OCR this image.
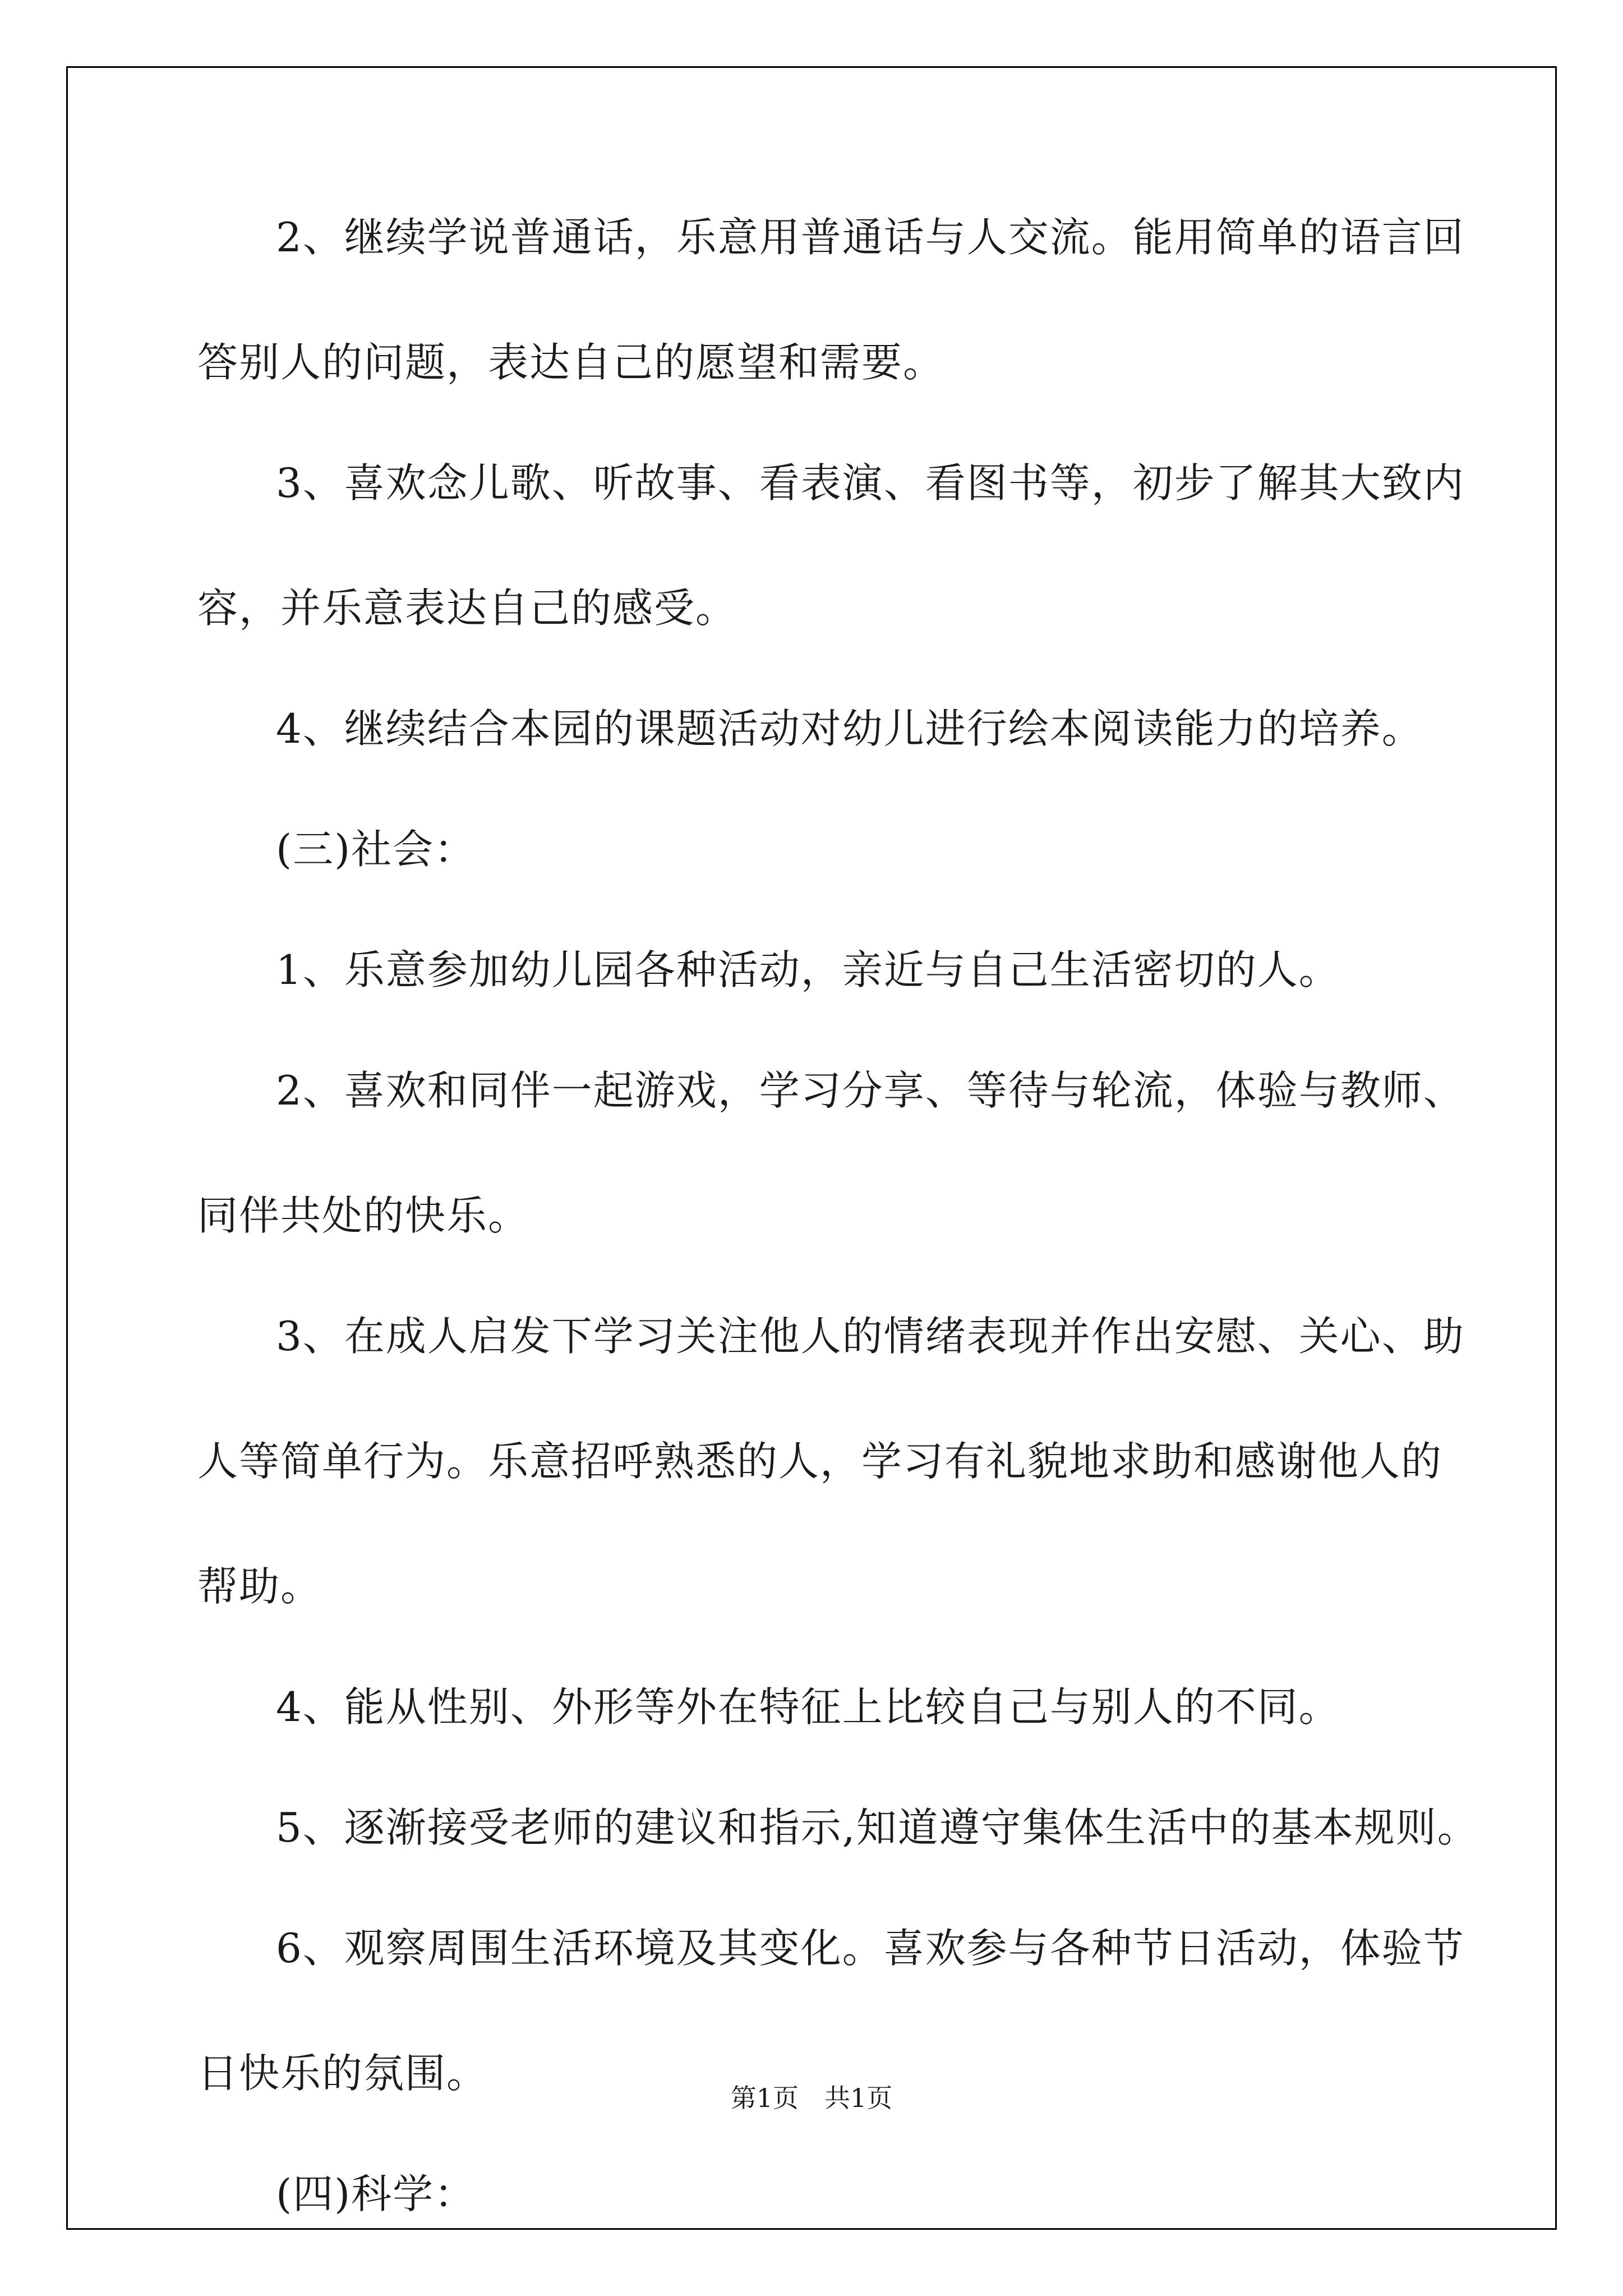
2、继续学说普通话，乐意用普通话与人交流。能用简单的语言回
答别人的问题，表达自己的愿望和需要。
3、喜欢念儿歌、听故事、看表演、看图书等，初步了解其大致内
容，并乐意表达自己的感受。
4、继续结合本园的课题活动对幼儿进行绘本阅读能力的培养。
(三)社会：
1、乐意参加幼儿园各种活动，亲近与自己生活密切的人。
2、喜欢和同伴一起游戏，学习分享、等待与轮流，体验与教师、
同伴共处的快乐。
3、在成人启发下学习关注他人的情绪表现并作出安慰、关心、助
人等简单行为。乐意招呼熟悉的人，学习有礼貌地求助和感谢他人的
帮助。
4、能从性别、外形等外在特征上比较自己与别人的不同。
5、逐渐接受老师的建议和指示,知道遵守集体生活中的基本规则。
6、观察周围生活环境及其变化。喜欢参与各种节日活动，体验节
日快乐的氛围。
(四)科学：
第1页　共1页
